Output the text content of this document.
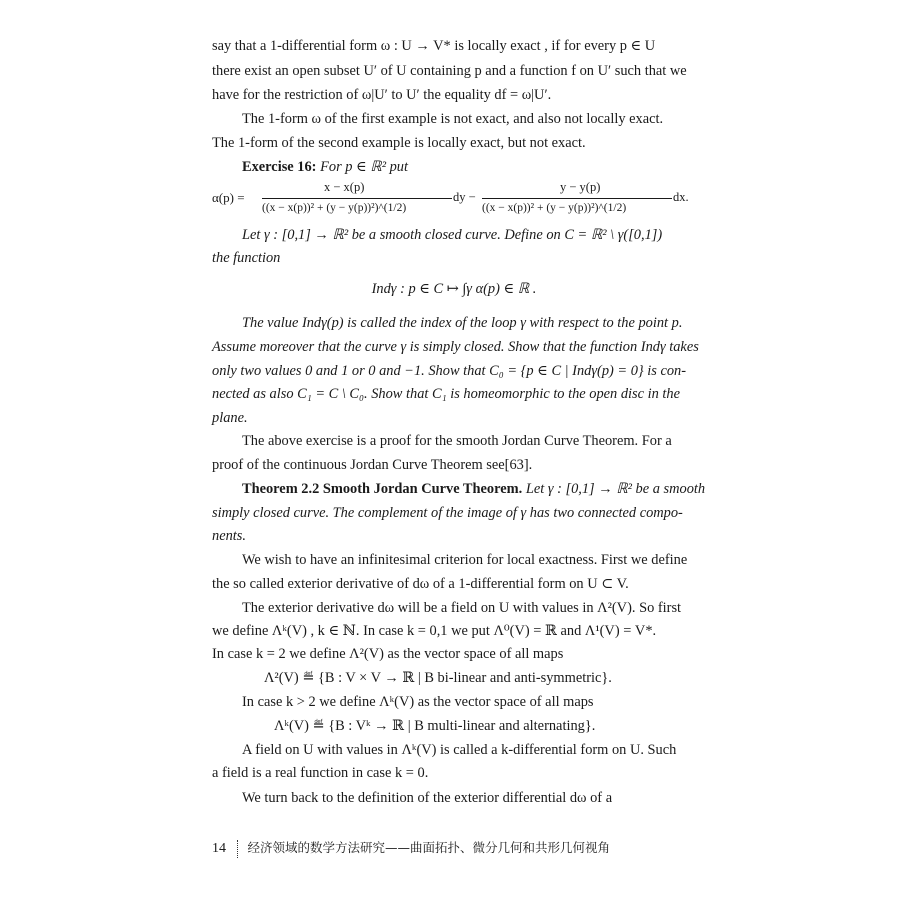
say that a 1-differential form ω : U → V* is locally exact , if for every p ∈ U
there exist an open subset U′ of U containing p and a function f on U′ such that we
have for the restriction of ω|U′ to U′ the equality df = ω|U′.
The 1-form ω of the first example is not exact, and also not locally exact.
The 1-form of the second example is locally exact, but not exact.
Exercise 16: For p ∈ ℝ² put
α(p) =
x − x(p)
((x − x(p))² + (y − y(p))²)^(1/2)
dy −
y − y(p)
((x − x(p))² + (y − y(p))²)^(1/2)
dx.
Let γ : [0,1] → ℝ² be a smooth closed curve. Define on C = ℝ² \ γ([0,1])
the function
Indγ : p ∈ C ↦ ∫γ α(p) ∈ ℝ .
The value Indγ(p) is called the index of the loop γ with respect to the point p.
Assume moreover that the curve γ is simply closed. Show that the function Indγ takes
only two values 0 and 1 or 0 and −1. Show that C₀ = {p ∈ C | Indγ(p) = 0} is con-
nected as also C₁ = C \ C₀. Show that C₁ is homeomorphic to the open disc in the
plane.
The above exercise is a proof for the smooth Jordan Curve Theorem. For a
proof of the continuous Jordan Curve Theorem see[63].
Theorem 2.2 Smooth Jordan Curve Theorem. Let γ : [0,1] → ℝ² be a smooth
simply closed curve. The complement of the image of γ has two connected compo-
nents.
We wish to have an infinitesimal criterion for local exactness. First we define
the so called exterior derivative of dω of a 1-differential form on U ⊂ V.
The exterior derivative dω will be a field on U with values in Λ²(V). So first
we define Λᵏ(V) , k ∈ ℕ. In case k = 0,1 we put Λ⁰(V) = ℝ and Λ¹(V) = V*.
In case k = 2 we define Λ²(V) as the vector space of all maps
Λ²(V) ≝ {B : V × V → ℝ | B bi-linear and anti-symmetric}.
In case k > 2 we define Λᵏ(V) as the vector space of all maps
Λᵏ(V) ≝ {B : Vᵏ → ℝ | B multi-linear and alternating}.
A field on U with values in Λᵏ(V) is called a k-differential form on U. Such
a field is a real function in case k = 0.
We turn back to the definition of the exterior differential dω of a
14 经济领域的数学方法研究——曲面拓扑、微分几何和共形几何视角
